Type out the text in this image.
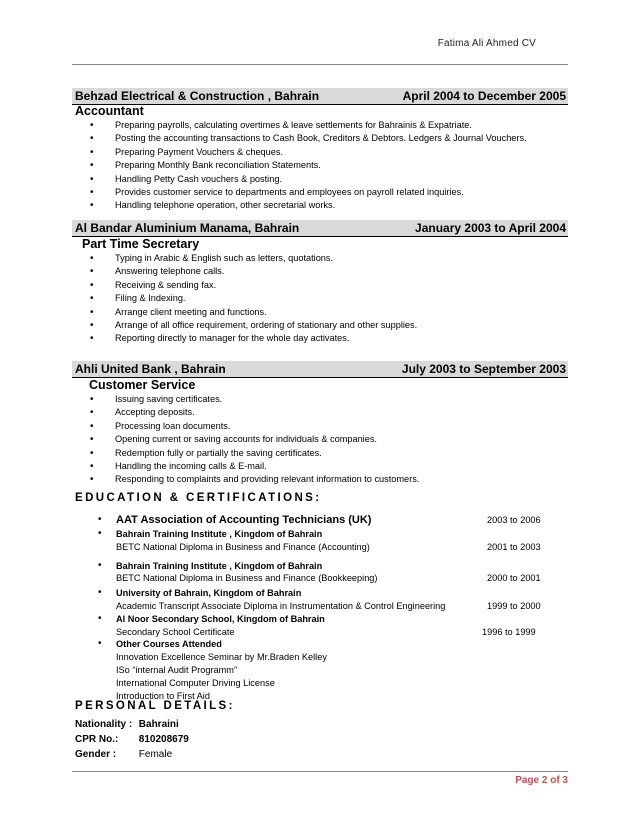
Fatima Ali Ahmed CV
Behzad Electrical & Construction , Bahrain	April 2004 to December 2005
Accountant
• Preparing payrolls, calculating overtimes & leave settlements for Bahrainis & Expatriate.
• Posting the accounting transactions to Cash Book, Creditors & Debtors. Ledgers & Journal Vouchers.
• Preparing Payment Vouchers & cheques.
• Preparing Monthly Bank reconciliation Statements.
• Handling Petty Cash vouchers & posting.
• Provides customer service to departments and employees on payroll related inquiries.
• Handling telephone operation, other secretarial works.
Al Bandar Aluminium Manama, Bahrain	January 2003 to April 2004
Part Time Secretary
• Typing in Arabic & English such as letters, quotations.
• Answering telephone calls.
• Receiving & sending fax.
• Filing & Indexing.
• Arrange client meeting and functions.
• Arrange of all office requirement, ordering of stationary and other supplies.
• Reporting directly to manager for the whole day activates.
Ahli United Bank , Bahrain	July 2003 to September 2003
Customer Service
• Issuing saving certificates.
• Accepting deposits.
• Processing loan documents.
• Opening current or saving accounts for individuals & companies.
• Redemption fully or partially the saving certificates.
• Handling the incoming calls & E-mail.
• Responding to complaints and providing relevant information to customers.
EDUCATION & CERTIFICATIONS:
• AAT Association of Accounting Technicians (UK)	2003 to 2006
• Bahrain Training Institute , Kingdom of Bahrain
BETC National Diploma in Business and Finance (Accounting)	2001 to 2003
• Bahrain Training Institute , Kingdom of Bahrain
BETC National Diploma in Business and Finance (Bookkeeping)	2000 to 2001
• University of Bahrain, Kingdom of Bahrain
Academic Transcript Associate Diploma in Instrumentation & Control Engineering	1999 to 2000
• Al Noor Secondary School, Kingdom of Bahrain
Secondary School Certificate	1996 to 1999
• Other Courses Attended
Innovation Excellence Seminar by Mr.Braden Kelley
ISo “internal Audit Programm”
International Computer Driving License
Introduction to First Aid
PERSONAL DETAILS:
Nationality : Bahraini
CPR No.: 810208679
Gender : Female
Page 2 of 3
